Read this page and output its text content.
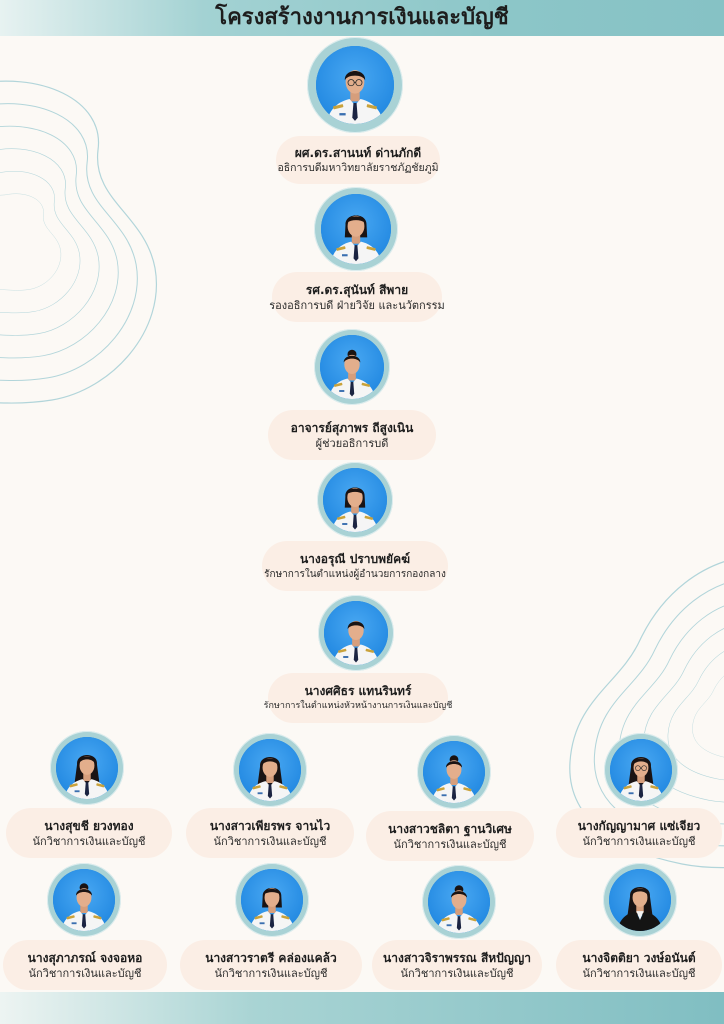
โครงสร้างงานการเงินและบัญชี
ผศ.ดร.สานนท์ ด่านภักดี
อธิการบดีมหาวิทยาลัยราชภัฏชัยภูมิ
รศ.ดร.สุนันท์ สีพาย
รองอธิการบดี ฝ่ายวิจัย และนวัตกรรม
อาจารย์สุภาพร ถีสูงเนิน
ผู้ช่วยอธิการบดี
นางอรุณี ปราบพยัคฆ์
รักษาการในตำแหน่งผู้อำนวยการกองกลาง
นางศศิธร แทนรินทร์
รักษาการในตำแหน่งหัวหน้างานการเงินและบัญชี
นางสุขชี ยวงทอง
นักวิชาการเงินและบัญชี
นางสาวเพียรพร จานไว
นักวิชาการเงินและบัญชี
นางสาวชลิตา ฐานวิเศษ
นักวิชาการเงินและบัญชี
นางกัญญามาศ แซ่เจียว
นักวิชาการเงินและบัญชี
นางสุภาภรณ์ จงจอหอ
นักวิชาการเงินและบัญชี
นางสาวราตรี คล่องแคล้ว
นักวิชาการเงินและบัญชี
นางสาวจิราพรรณ สีหปัญญา
นักวิชาการเงินและบัญชี
นางจิตติยา วงษ์อนันต์
นักวิชาการเงินและบัญชี
